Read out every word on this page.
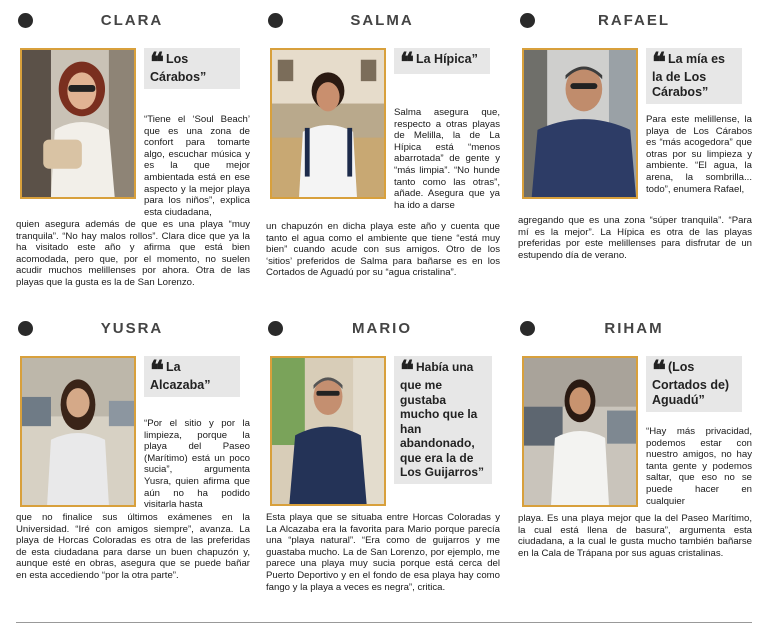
CLARA
❝ Los Cárabos”
“Tiene el ‘Soul Beach’ que es una zona de confort para tomarte algo, escuchar música y es la que mejor ambientada está en ese aspecto y la mejor playa para los niños”, explica esta ciudadana,
quien asegura además de que es una playa “muy tranquila”. “No hay malos rollos”. Clara dice que ya la ha visitado este año y afirma que está bien acomodada, pero que, por el momento, no suelen acudir muchos melillenses por ahora. Otra de las playas que la gusta es la de San Lorenzo.
SALMA
❝ La Hípica”
Salma asegura que, respecto a otras playas de Melilla, la de La Hípica está “menos abarrotada” de gente y “más limpia”. “No hunde tanto como las otras”, añade. Asegura que ya ha ido a darse
un chapuzón en dicha playa este año y cuenta que tanto el agua como el ambiente que tiene “está muy bien” cuando acude con sus amigos. Otro de los ‘sitios’ preferidos de Salma para bañarse es en los Cortados de Aguadú por su “agua cristalina”.
RAFAEL
❝ La mía es la de Los Cárabos”
Para este melillense, la playa de Los Cárabos es “más acogedora” que otras por su limpieza y ambiente. “El agua, la arena, la sombrilla... todo”, enumera Rafael,
agregando que es una zona “súper tranquila”. “Para mí es la mejor”. La Hípica es otra de las playas preferidas por este melillenses para disfrutar de un estupendo día de verano.
YUSRA
❝ La Alcazaba”
“Por el sitio y por la limpieza, porque la playa del Paseo (Marítimo) está un poco sucia”, argumenta Yusra, quien afirma que aún no ha podido visitarla hasta
que no finalice sus últimos exámenes en la Universidad. “Iré con amigos siempre”, avanza. La playa de Horcas Coloradas es otra de las preferidas de esta ciudadana para darse un buen chapuzón y, aunque esté en obras, asegura que se puede bañar en esta accediendo “por la otra parte”.
MARIO
❝ Había una que me gustaba mucho que la han abandonado, que era la de Los Guijarros”
Esta playa que se situaba entre Horcas Coloradas y La Alcazaba era la favorita para Mario porque parecía una “playa natural”. “Era como de guijarros y me guastaba mucho. La de San Lorenzo, por ejemplo, me parece una playa muy sucia porque está cerca del Puerto Deportivo y en el fondo de esa playa hay como fango y la playa a veces es negra”, critica.
RIHAM
❝ (Los Cortados de) Aguadú”
“Hay más privacidad, podemos estar con nuestro amigos, no hay tanta gente y podemos saltar, que eso no se puede hacer en cualquier
playa. Es una playa mejor que la del Paseo Marítimo, la cual está llena de basura”, argumenta esta ciudadana, a la cual le gusta mucho también bañarse en la Cala de Trápana por sus aguas cristalinas.
